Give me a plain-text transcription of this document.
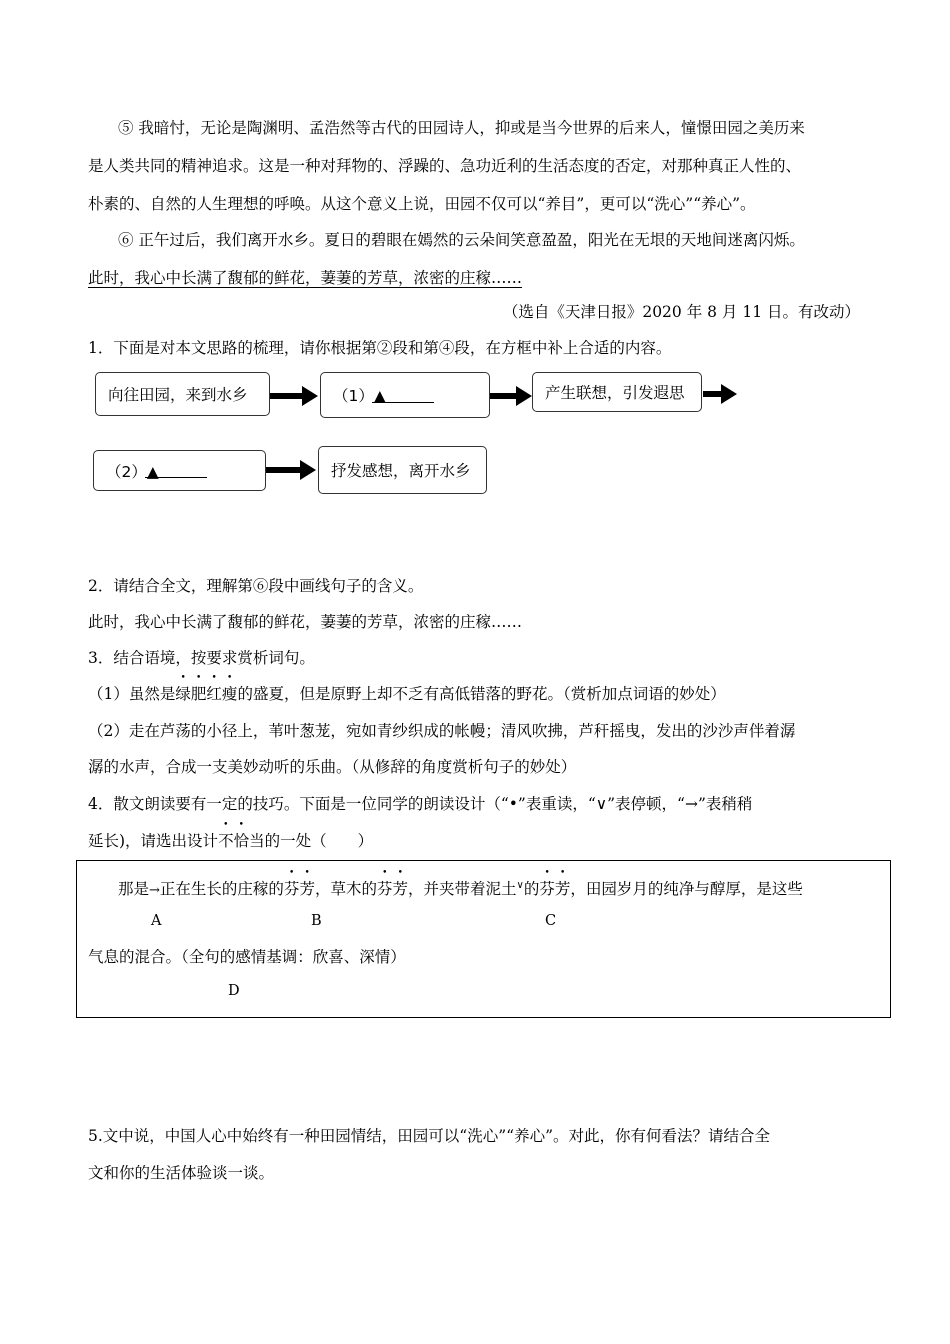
⑤ 我暗忖，无论是陶渊明、孟浩然等古代的田园诗人，抑或是当今世界的后来人，憧憬田园之美历来
是人类共同的精神追求。这是一种对拜物的、浮躁的、急功近利的生活态度的否定，对那种真正人性的、
朴素的、自然的人生理想的呼唤。从这个意义上说，田园不仅可以“养目”，更可以“洗心”“养心”。
⑥ 正午过后，我们离开水乡。夏日的碧眼在嫣然的云朵间笑意盈盈，阳光在无垠的天地间迷离闪烁。
此时，我心中长满了馥郁的鲜花，萋萋的芳草，浓密的庄稼……
（选自《天津日报》2020 年 8 月 11 日。有改动）
1．下面是对本文思路的梳理，请你根据第②段和第④段，在方框中补上合适的内容。
向往田园，来到水乡	（1）▲	产生联想，引发遐思
（2）▲	抒发感想，离开水乡
2．请结合全文，理解第⑥段中画线句子的含义。
此时，我心中长满了馥郁的鲜花，萋萋的芳草，浓密的庄稼……
3．结合语境，按要求赏析词句。
（1）虽然是绿肥红瘦的盛夏，但是原野上却不乏有高低错落的野花。（赏析加点词语的妙处）
（2）走在芦荡的小径上，苇叶葱茏，宛如青纱织成的帐幔；清风吹拂，芦秆摇曳，发出的沙沙声伴着潺
潺的水声，合成一支美妙动听的乐曲。（从修辞的角度赏析句子的妙处）
4．散文朗读要有一定的技巧。下面是一位同学的朗读设计（“•”表重读，“∨”表停顿，“→”表稍稍
延长)，请选出设计不恰当的一处（　　）
那是→正在生长的庄稼的芬芳，草木的芬芳，并夹带着泥土∨的芬芳，田园岁月的纯净与醇厚，是这些
A	B	C
气息的混合。（全句的感情基调：欣喜、深情）
D
5.文中说，中国人心中始终有一种田园情结，田园可以“洗心”“养心”。对此，你有何看法？请结合全
文和你的生活体验谈一谈。
